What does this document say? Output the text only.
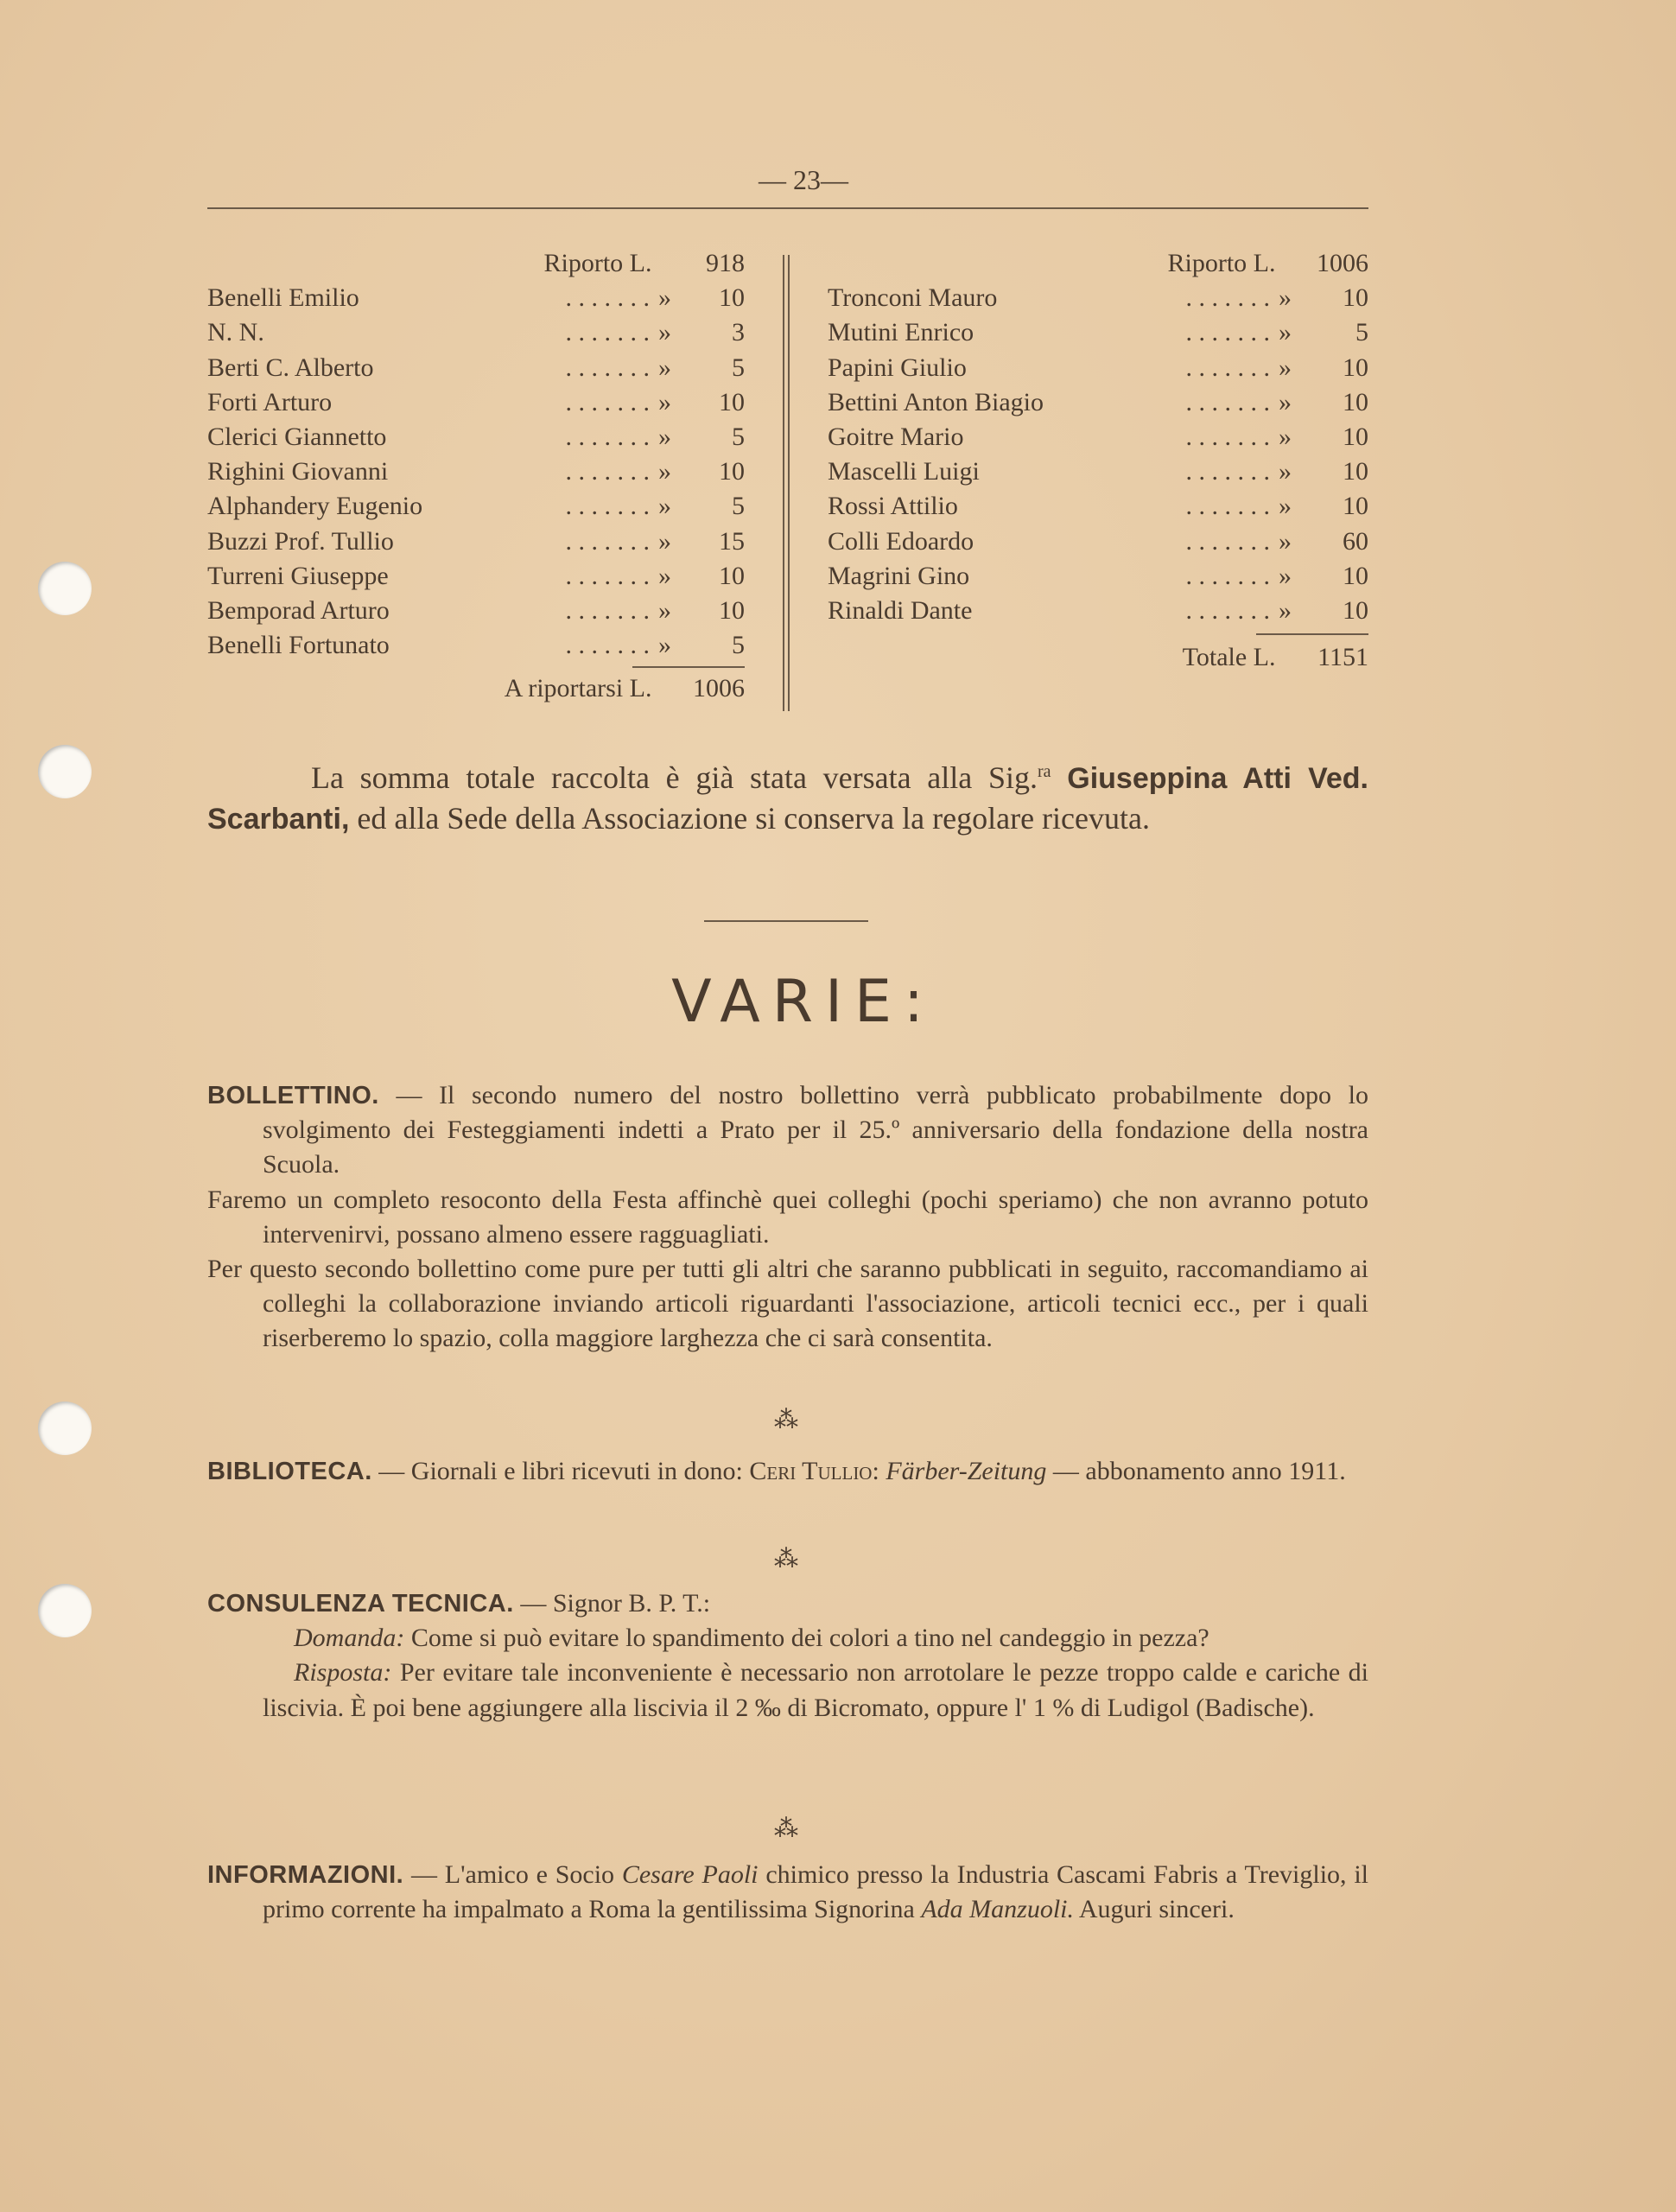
— 23—
Riporto L. 918
Benelli Emilio	. . . . . . . » 10
N. N.	. . . . . . . » 3
Berti C. Alberto	. . . . . . . » 5
Forti Arturo	. . . . . . . » 10
Clerici Giannetto	. . . . . . . » 5
Righini Giovanni	. . . . . . . » 10
Alphandery Eugenio	. . . . . . . » 5
Buzzi Prof. Tullio	. . . . . . . » 15
Turreni Giuseppe	. . . . . . . » 10
Bemporad Arturo	. . . . . . . » 10
Benelli Fortunato	. . . . . . . » 5
A riportarsi L. 1006
Riporto L. 1006
Tronconi Mauro	. . . . . . . » 10
Mutini Enrico	. . . . . . . » 5
Papini Giulio	. . . . . . . » 10
Bettini Anton Biagio	. . . . . . . » 10
Goitre Mario	. . . . . . . » 10
Mascelli Luigi	. . . . . . . » 10
Rossi Attilio	. . . . . . . » 10
Colli Edoardo	. . . . . . . » 60
Magrini Gino	. . . . . . . » 10
Rinaldi Dante	. . . . . . . » 10
Totale L. 1151
La somma totale raccolta è già stata versata alla Sig.$^{ra}$ Giuseppina Atti Ved. Scarbanti, ed alla Sede della Associazione si conserva la regolare ricevuta.
VARIE:

BOLLETTINO. — Il secondo numero del nostro bollettino verrà pubblicato probabilmente dopo lo svolgimento dei Festeggiamenti indetti a Prato per il 25.º anniversario della fondazione della nostra Scuola.

Faremo un completo resoconto della Festa affinchè quei colleghi (pochi speriamo) che non avranno potuto intervenirvi, possano almeno essere ragguagliati.

Per questo secondo bollettino come pure per tutti gli altri che saranno pubblicati in seguito, raccomandiamo ai colleghi la collaborazione inviando articoli riguardanti l'associazione, articoli tecnici ecc., per i quali riserberemo lo spazio, colla maggiore larghezza che ci sarà consentita.

⁂

BIBLIOTECA. — Giornali e libri ricevuti in dono: Ceri Tullio: Färber-Zeitung — abbonamento anno 1911.

⁂

CONSULENZA TECNICA. — Signor B. P. T.:

Domanda: Come si può evitare lo spandimento dei colori a tino nel candeggio in pezza?

Risposta: Per evitare tale inconveniente è necessario non arrotolare le pezze troppo calde e cariche di liscivia. È poi bene aggiungere alla liscivia il 2 ‰ di Bicromato, oppure l' 1 % di Ludigol (Badische).

⁂

INFORMAZIONI. — L'amico e Socio Cesare Paoli chimico presso la Industria Cascami Fabris a Treviglio, il primo corrente ha impalmato a Roma la gentilissima Signorina Ada Manzuoli. Auguri sinceri.
